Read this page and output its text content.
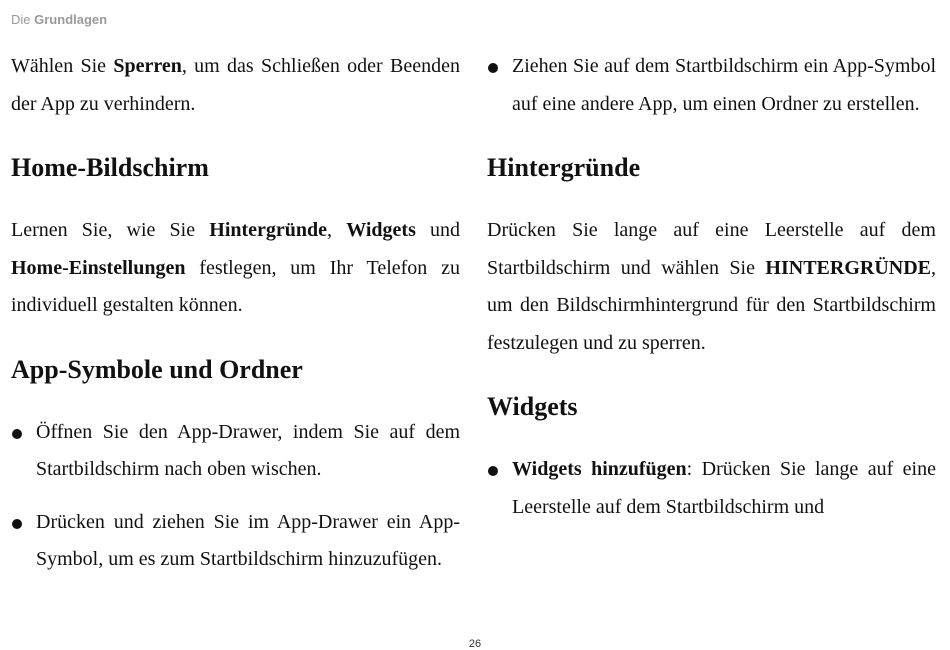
Die Grundlagen

Wählen Sie Sperren, um das Schließen oder Beenden der App zu verhindern.

Home-Bildschirm

Lernen Sie, wie Sie Hintergründe, Widgets und Home-Einstellungen festlegen, um Ihr Telefon zu individuell gestalten können.

App-Symbole und Ordner

Öffnen Sie den App-Drawer, indem Sie auf dem Startbildschirm nach oben wischen.

Drücken und ziehen Sie im App-Drawer ein App-Symbol, um es zum Startbildschirm hinzuzufügen.

Ziehen Sie auf dem Startbildschirm ein App-Symbol auf eine andere App, um einen Ordner zu erstellen.

Hintergründe

Drücken Sie lange auf eine Leerstelle auf dem Startbildschirm und wählen Sie HINTERGRÜNDE, um den Bildschirmhintergrund für den Startbildschirm festzulegen und zu sperren.

Widgets

Widgets hinzufügen: Drücken Sie lange auf eine Leerstelle auf dem Startbildschirm und

26
